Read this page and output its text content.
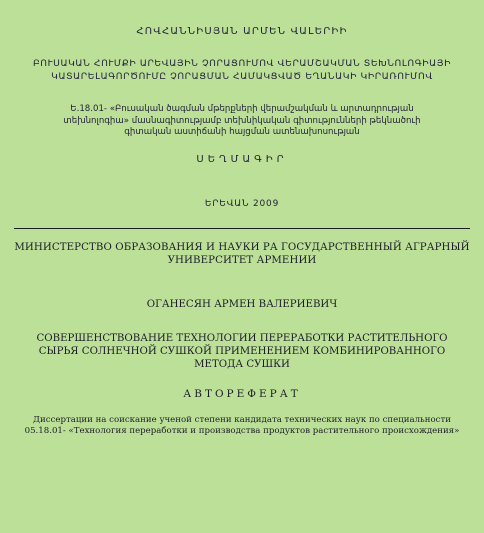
ՀՈՎՀԱՆՆԻՍՅԱՆ ԱՐՄԵՆ ՎԱԼԵՐԻԻ
ԲՈՒՍԱԿԱՆ ՀՈՒՄՔԻ ԱՐԵՎԱՅԻՆ ՉՈՐԱՑՈՒՄՈՎ ՎԵՐԱՄՇԱԿՄԱՆ ՏԵԽՆՈԼՈԳԻԱՅԻ ԿԱՏԱՐԵԼԱԳՈՐԾՈՒՄԸ ՉՈՐԱՑՄԱՆ ՀԱՄԱԿՑՎԱԾ ԵՂԱՆԱԿԻ ԿԻՐԱՌՈՒՄՈՎ
Ե.18.01- «Բուսական ծագման մթերքների վերամշակման և արտադրության տեխնոլոգիա» մասնագիտությամբ տեխնիկական գիտությունների թեկնածուի գիտական աստիճանի հայցման ատենախոսության
ՍԵՂՄԱԳԻՐ
ԵՐԵՎԱՆ 2009
МИНИСТЕРСТВО ОБРАЗОВАНИЯ И НАУКИ РА ГОСУДАРСТВЕННЫЙ АГРАРНЫЙ УНИВЕРСИТЕТ АРМЕНИИ
ОГАНЕСЯН АРМЕН ВАЛЕРИЕВИЧ
СОВЕРШЕНСТВОВАНИЕ ТЕХНОЛОГИИ ПЕРЕРАБОТКИ РАСТИТЕЛЬНОГО СЫРЬЯ СОЛНЕЧНОЙ СУШКОЙ ПРИМЕНЕНИЕМ КОМБИНИРОВАННОГО МЕТОДА СУШКИ
АВТОРЕФЕРАТ
Диссертации на соискание ученой степени кандидата технических наук по специальности 05.18.01- «Технология переработки и производства продуктов растительного происхождения»
